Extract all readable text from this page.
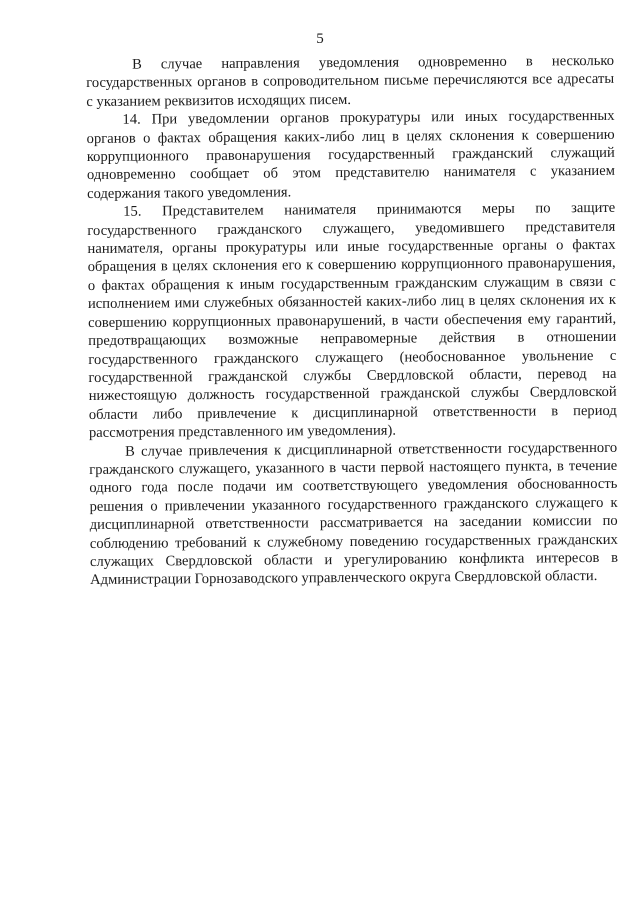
5

В случае направления уведомления одновременно в несколько государственных органов в сопроводительном письме перечисляются все адресаты с указанием реквизитов исходящих писем.

14. При уведомлении органов прокуратуры или иных государственных органов о фактах обращения каких-либо лиц в целях склонения к совершению коррупционного правонарушения государственный гражданский служащий одновременно сообщает об этом представителю нанимателя с указанием содержания такого уведомления.

15. Представителем нанимателя принимаются меры по защите государственного гражданского служащего, уведомившего представителя нанимателя, органы прокуратуры или иные государственные органы о фактах обращения в целях склонения его к совершению коррупционного правонарушения, о фактах обращения к иным государственным гражданским служащим в связи с исполнением ими служебных обязанностей каких-либо лиц в целях склонения их к совершению коррупционных правонарушений, в части обеспечения ему гарантий, предотвращающих возможные неправомерные действия в отношении государственного гражданского служащего (необоснованное увольнение с государственной гражданской службы Свердловской области, перевод на нижестоящую должность государственной гражданской службы Свердловской области либо привлечение к дисциплинарной ответственности в период рассмотрения представленного им уведомления).

В случае привлечения к дисциплинарной ответственности государственного гражданского служащего, указанного в части первой настоящего пункта, в течение одного года после подачи им соответствующего уведомления обоснованность решения о привлечении указанного государственного гражданского служащего к дисциплинарной ответственности рассматривается на заседании комиссии по соблюдению требований к служебному поведению государственных гражданских служащих Свердловской области и урегулированию конфликта интересов в Администрации Горнозаводского управленческого округа Свердловской области.
